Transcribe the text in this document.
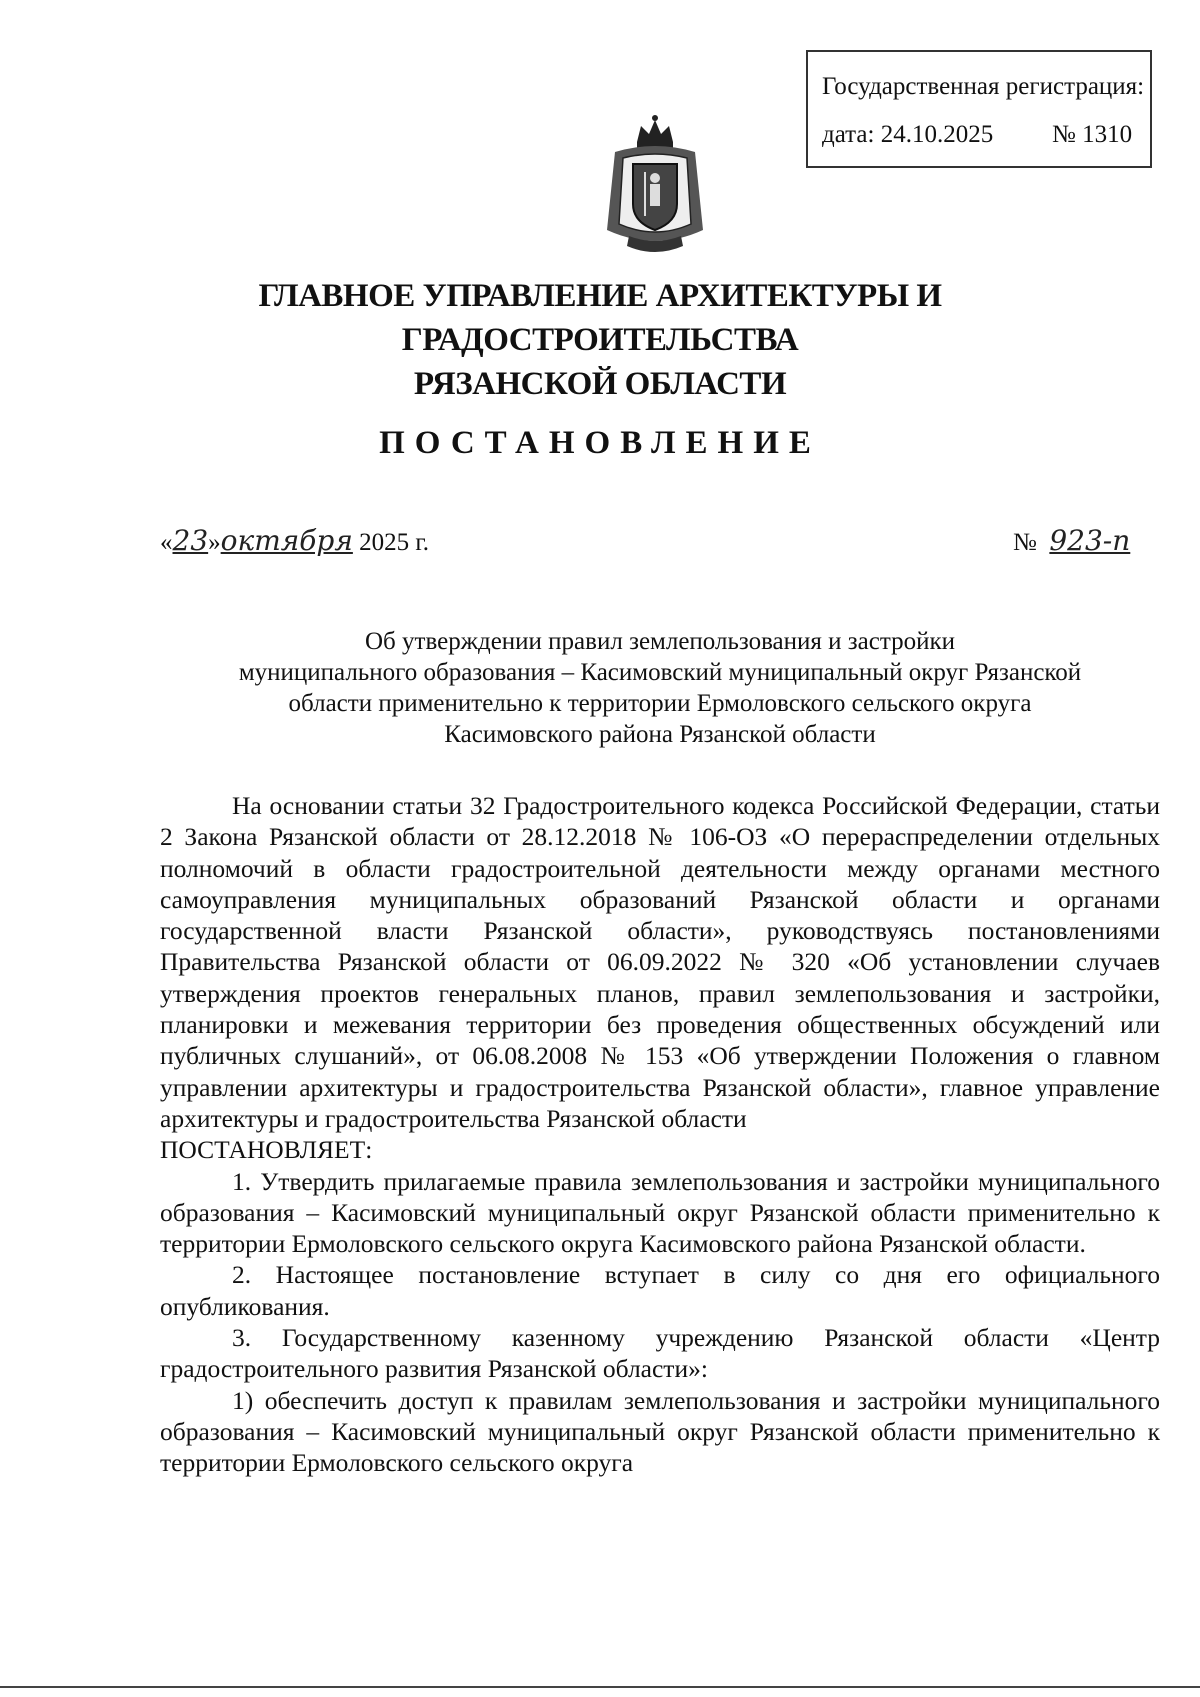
Государственная регистрация:
дата: 24.10.2025 № 1310
ГЛАВНОЕ УПРАВЛЕНИЕ АРХИТЕКТУРЫ И ГРАДОСТРОИТЕЛЬСТВА
РЯЗАНСКОЙ ОБЛАСТИ
ПОСТАНОВЛЕНИЕ
«23»октября 2025 г.	№ 923-п
Об утверждении правил землепользования и застройки
муниципального образования – Касимовский муниципальный округ Рязанской
области применительно к территории Ермоловского сельского округа
Касимовского района Рязанской области

На основании статьи 32 Градостроительного кодекса Российской Федерации, статьи 2 Закона Рязанской области от 28.12.2018 № 106-ОЗ «О перераспределении отдельных полномочий в области градостроительной деятельности между органами местного самоуправления муниципальных образований Рязанской области и органами государственной власти Рязанской области», руководствуясь постановлениями Правительства Рязанской области от 06.09.2022 № 320 «Об установлении случаев утверждения проектов генеральных планов, правил землепользования и застройки, планировки и межевания территории без проведения общественных обсуждений или публичных слушаний», от 06.08.2008 № 153 «Об утверждении Положения о главном управлении архитектуры и градостроительства Рязанской области», главное управление архитектуры и градостроительства Рязанской области

ПОСТАНОВЛЯЕТ:

1. Утвердить прилагаемые правила землепользования и застройки муниципального образования – Касимовский муниципальный округ Рязанской области применительно к территории Ермоловского сельского округа Касимовского района Рязанской области.

2. Настоящее постановление вступает в силу со дня его официального опубликования.

3. Государственному казенному учреждению Рязанской области «Центр градостроительного развития Рязанской области»:

1) обеспечить доступ к правилам землепользования и застройки муниципального образования – Касимовский муниципальный округ Рязанской области применительно к территории Ермоловского сельского округа
